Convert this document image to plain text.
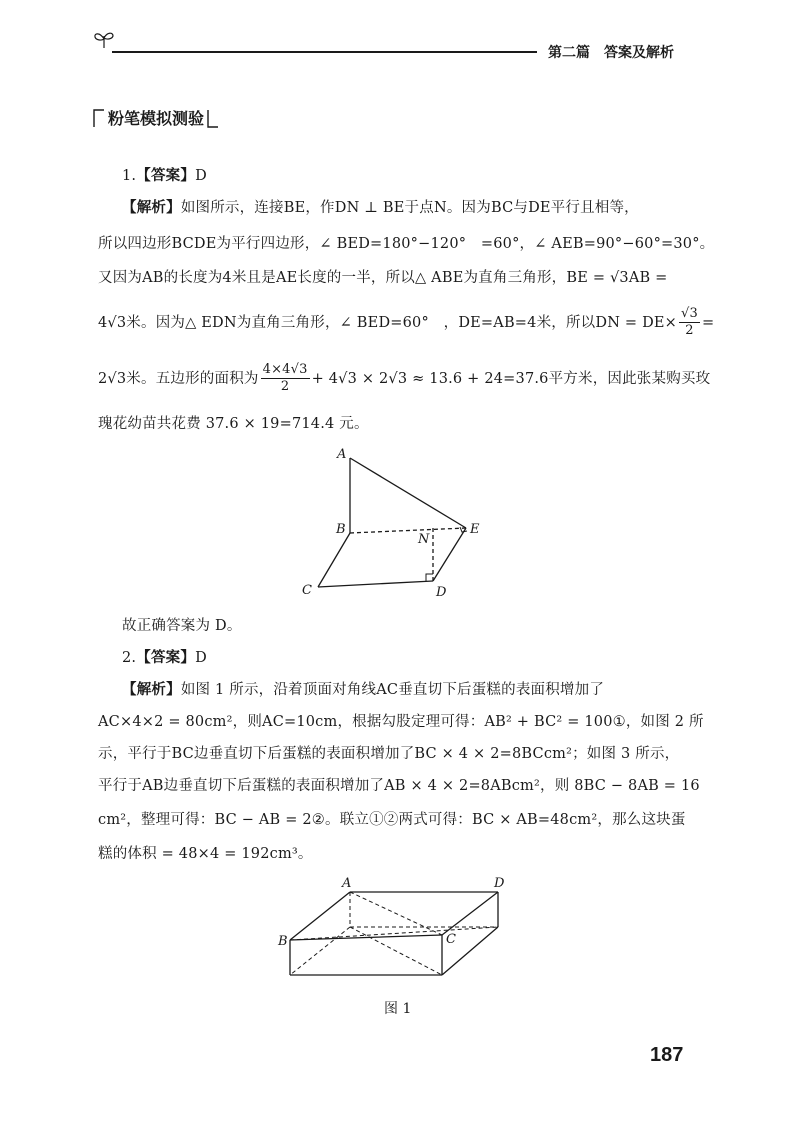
第二篇　答案及解析
粉笔模拟测验
1.【答案】D
【解析】如图所示，连接BE，作DN ⊥ BE于点N。因为BC与DE平行且相等，
所以四边形BCDE为平行四边形，∠ BED=180°−120°　=60°，∠ AEB=90°−60°=30°。
又因为AB的长度为4米且是AE长度的一半，所以△ ABE为直角三角形，BE = √3AB =
4√3米。因为△ EDN为直角三角形，∠ BED=60°　，DE=AB=4米，所以DN = $DE\times \frac{√3}{2}$ =
2√3米。五边形的面积为 $\frac{4\times 4√3}{2} + 4√3 \times 2√3 \approx 13.6 + 24=37.6$平方米，因此张某购买玫
瑰花幼苗共花费 37.6 × 19=714.4 元。
A
B
N
E
C	D
故正确答案为 D。
2.【答案】D
【解析】如图 1 所示，沿着顶面对角线AC垂直切下后蛋糕的表面积增加了
AC×4×2 = 80cm²，则AC=10cm，根据勾股定理可得：AB² + BC² = 100①，如图 2 所
示，平行于BC边垂直切下后蛋糕的表面积增加了BC × 4 × 2=8BCcm²；如图 3 所示，
平行于AB边垂直切下后蛋糕的表面积增加了AB × 4 × 2=8ABcm²，则 8BC − 8AB = 16
cm²，整理可得：BC − AB = 2②。联立①②两式可得：BC × AB=48cm²，那么这块蛋
糕的体积 = 48×4 = 192cm³。
A	D
B	C
图 1
187
